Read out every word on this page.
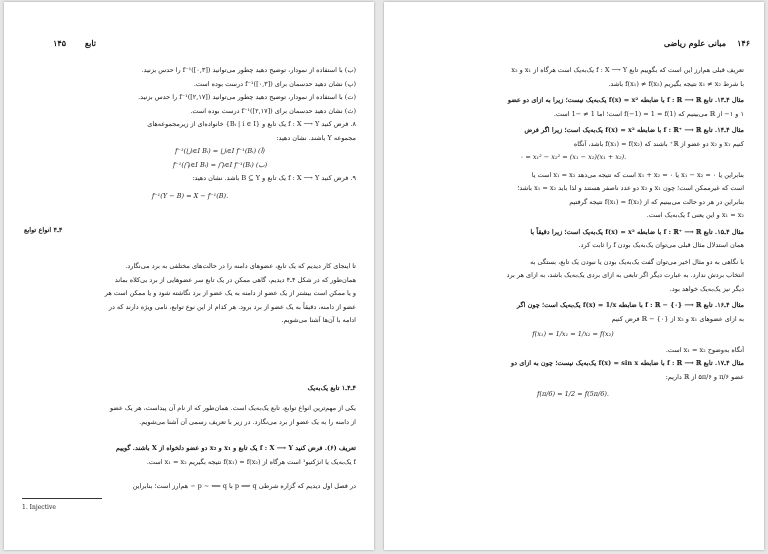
۱۴۵ تابع
(ب) با استفاده از نمودار، توضیح دهید چطور می‌توانید f⁻¹([۰,۳]) را حدس بزنید.
(پ) نشان دهید حدسمان برای f⁻¹([۰,۳]) درست بوده است.
(ت) با استفاده از نمودار، توضیح دهید چطور می‌توانید f⁻¹([۲,۱۷]) را حدس بزنید.
(ث) نشان دهید حدسمان برای f⁻¹([۲,۱۷]) درست بوده است.
۸. فرض کنید f : X ⟶ Y یک تابع و {Bᵢ | i ∈ I} خانواده‌ای از زیرمجموعه‌های
مجموعه Y باشند. نشان دهید:
f⁻¹(⋃ᵢ∈I Bᵢ) = ⋃ᵢ∈I f⁻¹(Bᵢ) (آ)
f⁻¹(⋂ᵢ∈I Bᵢ) = ⋂ᵢ∈I f⁻¹(Bᵢ) (ب)
۹. فرض کنید f : X ⟶ Y یک تابع و B ⊆ Y باشد. نشان دهید:
f⁻¹(Y − B) = X − f⁻¹(B).
۴ـ۴ انواع توابع
تا اینجای کار دیدیم که یک تابع، عضوهای دامنه را در حالت‌های مختلفی به برد می‌نگارد.
همان‌طور که در شکل ۴ـ۴ دیدیم، گاهی ممکن در یک تابع سر عضوهایی از برد بی‌کلاه بماند
و یا ممکن است بیشتر از یک عضو از دامنه به یک عضو از برد نگاشته شود و یا ممکن است هر
عضو از دامنه، دقیقاً به یک عضو از برد برود. هر کدام از این نوع توابع، نامی ویژه دارند که در
ادامه با آن‌ها آشنا می‌شویم.
۴ـ۴ـ۱ تابع یک‌به‌یک
یکی از مهم‌ترین انواع توابع، تابع یک‌به‌یک است. همان‌طور که از نام آن پیداست، هر یک عضو
از دامنه را به یک عضو از برد می‌نگارد. در زیر با تعریف رسمی آن آشنا می‌شویم.
تعریف (۶). فرض کنید f : X ⟶ Y یک تابع و x₁ و x₂ دو عضو دلخواه از X باشند. گوییم
f یک‌به‌یک یا انژکتیو¹ است هرگاه از f(x₁) = f(x₂) نتیجه بگیریم x₁ = x₂ است.
در فصل اول دیدیم که گزاره شرطی p ⟹ q با p ∼ ⟸ q ∼ هم‌ارز است؛ بنابراین
1. Injective
۱۴۶
مبانی علوم ریاضی
تعریف قبلی هم‌ارز این است که بگوییم تابع f : X ⟶ Y یک‌به‌یک است هرگاه از x₁ و x₂
با شرط x₁ ≠ x₂ نتیجه بگیریم f(x₁) ≠ f(x₂) باشد.
مثال ۴ـ۱۳. تابع f : ℝ ⟶ ℝ با ضابطه f(x) = x² یک‌به‌یک نیست؛ زیرا به ازای دو عضو
۱ و ۱− از ℝ می‌بینیم که f(−1) = 1 = f(1) است؛ اما 1 ≠ −1 است.
مثال ۴ـ۱۴. تابع f : ℝ⁺ ⟶ ℝ با ضابطه f(x) = x² یک‌به‌یک است؛ زیرا اگر فرض
کنیم x₁ و x₂ دو عضو از ℝ⁺ باشند که f(x₁) = f(x₂) باشد، آنگاه
۰ = x₁² − x₂² = (x₁ − x₂)(x₁ + x₂).
بنابراین یا x₁ − x₂ = ۰ یا x₁ + x₂ = ۰ است که نتیجه می‌دهد x₁ = x₂ است یا
است که غیرممکن است؛ چون x₁ و x₂ دو عدد ناصفر هستند و لذا باید x₁ = x₂ باشد؛
بنابراین در هر دو حالت می‌بینیم که از f(x₁) = f(x₂) نتیجه گرفتیم
x₁ = x₂ و این یعنی f یک‌به‌یک است.
مثال ۴ـ۱۵. تابع f : ℝ⁺ ⟶ ℝ با ضابطه f(x) = x² یک‌به‌یک است؛ زیرا دقیقاً با
همان استدلال مثال قبلی می‌توان یک‌به‌یک بودن f را ثابت کرد.
با نگاهی به دو مثال اخیر می‌توان گفت یک‌به‌یک بودن یا نبودن یک تابع، بستگی به
انتخاب بردش ندارد. به عبارت دیگر اگر تابعی به ازای بردی یک‌به‌یک باشد، به ازای هر برد
دیگر نیز یک‌به‌یک خواهد بود.
مثال ۴ـ۱۶. تابع f : ℝ − {۰} ⟶ ℝ با ضابطه f(x) = 1/x یک‌به‌یک است؛ چون اگر
به ازای عضوهای x₁ و x₂ از ℝ − {۰} فرض کنیم
f(x₁) = 1/x₁ = 1/x₂ = f(x₂)
آنگاه به‌وضوح x₁ = x₂ است.
مثال ۴ـ۱۷. تابع f : ℝ ⟶ ℝ با ضابطه f(x) = sin x یک‌به‌یک نیست؛ چون به ازای دو
عضو π/۶ و ۵π/۶ از ℝ داریم:
f(π/6) = 1/2 = f(5π/6).
